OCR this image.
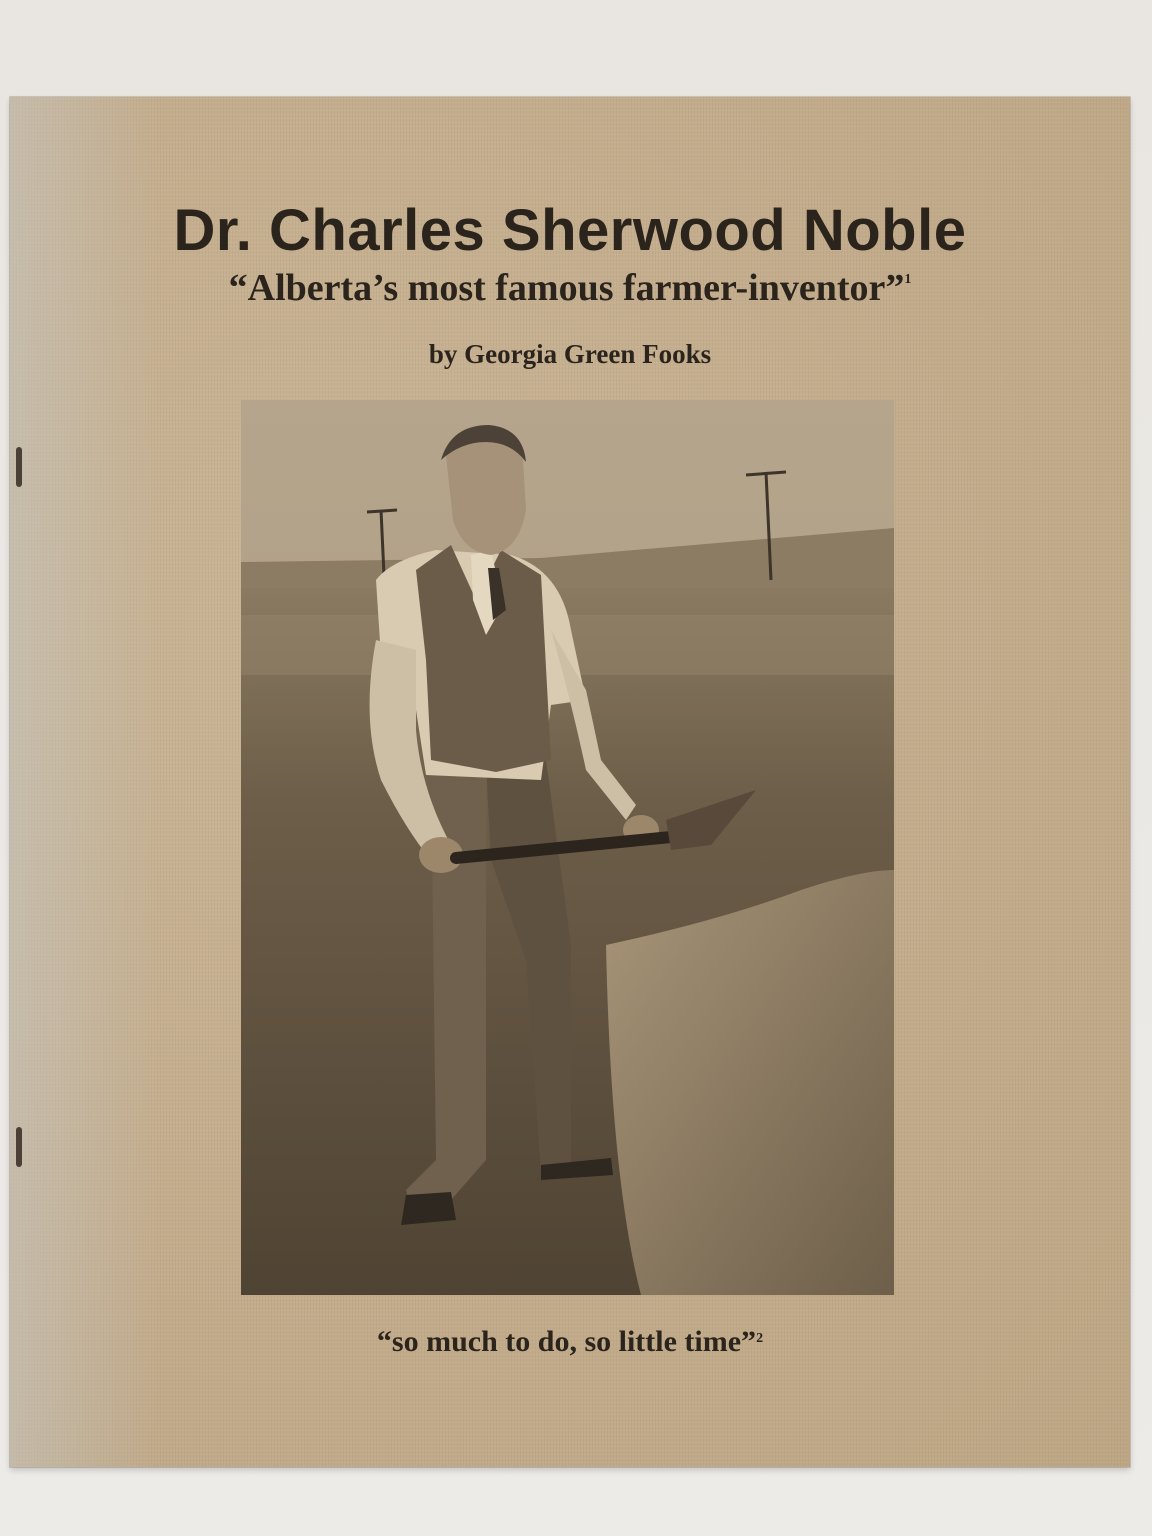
Dr. Charles Sherwood Noble
“Alberta’s most famous farmer-inventor”$^1$
by Georgia Green Fooks
“so much to do, so little time”$^2$
